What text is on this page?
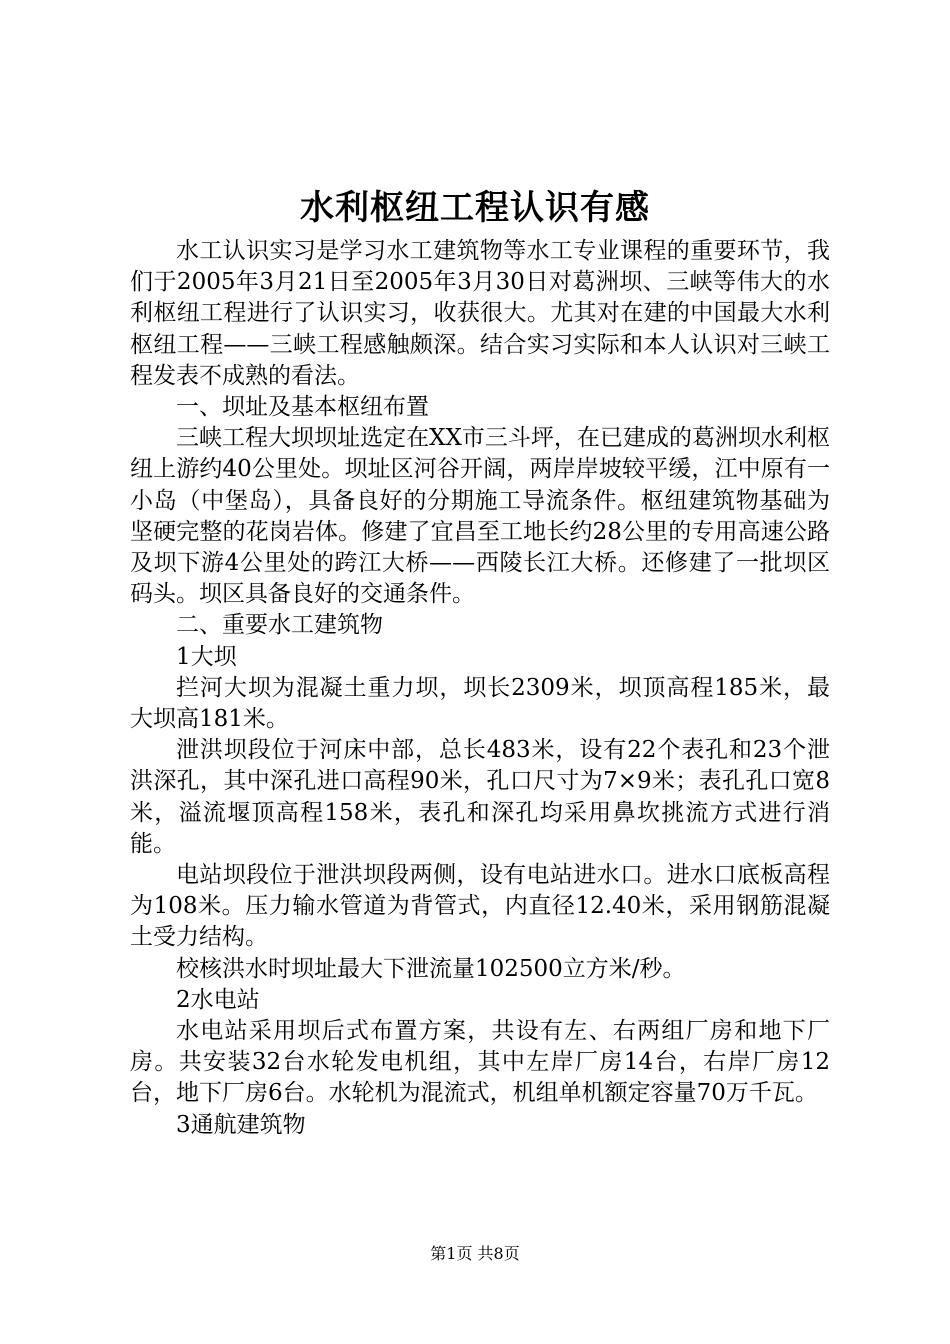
水利枢纽工程认识有感

水工认识实习是学习水工建筑物等水工专业课程的重要环节，我们于2005年3月21日至2005年3月30日对葛洲坝、三峡等伟大的水利枢纽工程进行了认识实习，收获很大。尤其对在建的中国最大水利枢纽工程——三峡工程感触颇深。结合实习实际和本人认识对三峡工程发表不成熟的看法。

一、坝址及基本枢纽布置

三峡工程大坝坝址选定在XX市三斗坪，在已建成的葛洲坝水利枢纽上游约40公里处。坝址区河谷开阔，两岸岸坡较平缓，江中原有一小岛（中堡岛），具备良好的分期施工导流条件。枢纽建筑物基础为坚硬完整的花岗岩体。修建了宜昌至工地长约28公里的专用高速公路及坝下游4公里处的跨江大桥——西陵长江大桥。还修建了一批坝区码头。坝区具备良好的交通条件。

二、重要水工建筑物

1大坝

拦河大坝为混凝土重力坝，坝长2309米，坝顶高程185米，最大坝高181米。

泄洪坝段位于河床中部，总长483米，设有22个表孔和23个泄洪深孔，其中深孔进口高程90米，孔口尺寸为7×9米；表孔孔口宽8米，溢流堰顶高程158米，表孔和深孔均采用鼻坎挑流方式进行消能。

电站坝段位于泄洪坝段两侧，设有电站进水口。进水口底板高程为108米。压力输水管道为背管式，内直径12.40米，采用钢筋混凝土受力结构。

校核洪水时坝址最大下泄流量102500立方米/秒。

2水电站

水电站采用坝后式布置方案，共设有左、右两组厂房和地下厂房。共安装32台水轮发电机组，其中左岸厂房14台，右岸厂房12台，地下厂房6台。水轮机为混流式，机组单机额定容量70万千瓦。

3通航建筑物

第1页 共8页
